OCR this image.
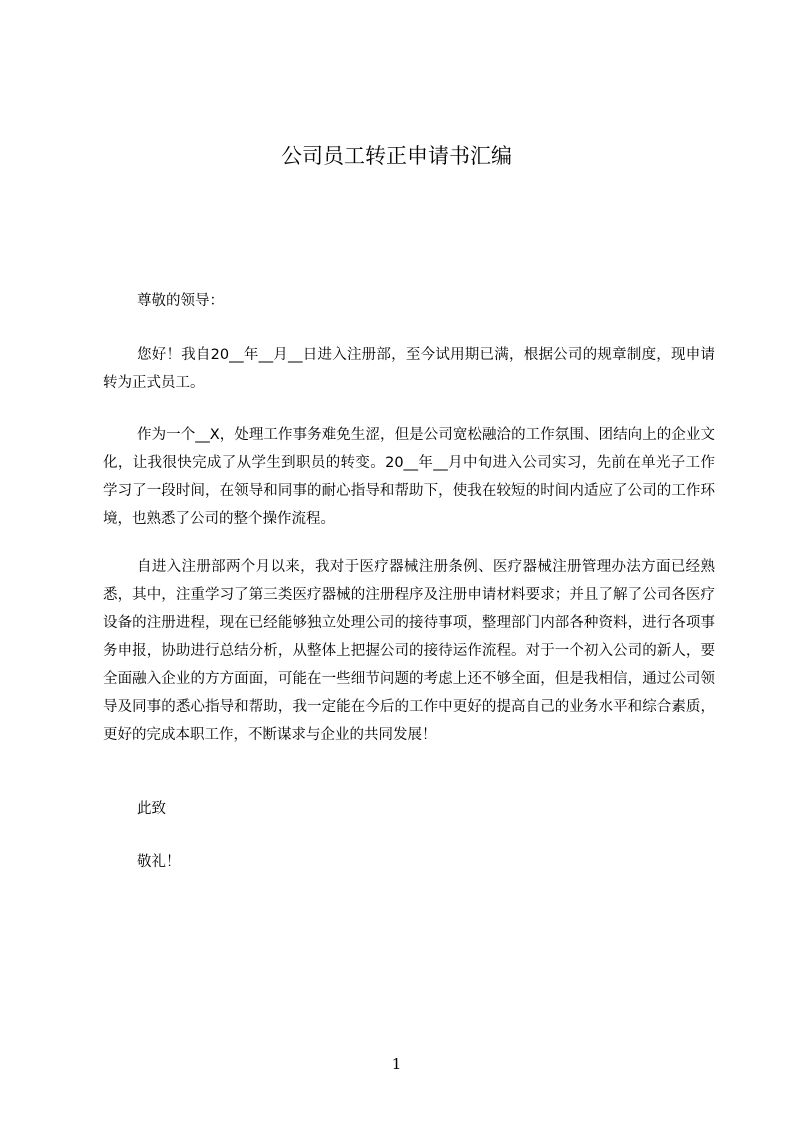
公司员工转正申请书汇编

尊敬的领导：

您好！我自20__年__月__日进入注册部，至今试用期已满，根据公司的规章制度，现申请转为正式员工。

作为一个__X，处理工作事务难免生涩，但是公司宽松融洽的工作氛围、团结向上的企业文化，让我很快完成了从学生到职员的转变。20__年__月中旬进入公司实习，先前在单光子工作学习了一段时间，在领导和同事的耐心指导和帮助下，使我在较短的时间内适应了公司的工作环境，也熟悉了公司的整个操作流程。

自进入注册部两个月以来，我对于医疗器械注册条例、医疗器械注册管理办法方面已经熟悉，其中，注重学习了第三类医疗器械的注册程序及注册申请材料要求；并且了解了公司各医疗设备的注册进程，现在已经能够独立处理公司的接待事项，整理部门内部各种资料，进行各项事务申报，协助进行总结分析，从整体上把握公司的接待运作流程。对于一个初入公司的新人，要全面融入企业的方方面面，可能在一些细节问题的考虑上还不够全面，但是我相信，通过公司领导及同事的悉心指导和帮助，我一定能在今后的工作中更好的提高自己的业务水平和综合素质，更好的完成本职工作，不断谋求与企业的共同发展！

此致

敬礼！

1
